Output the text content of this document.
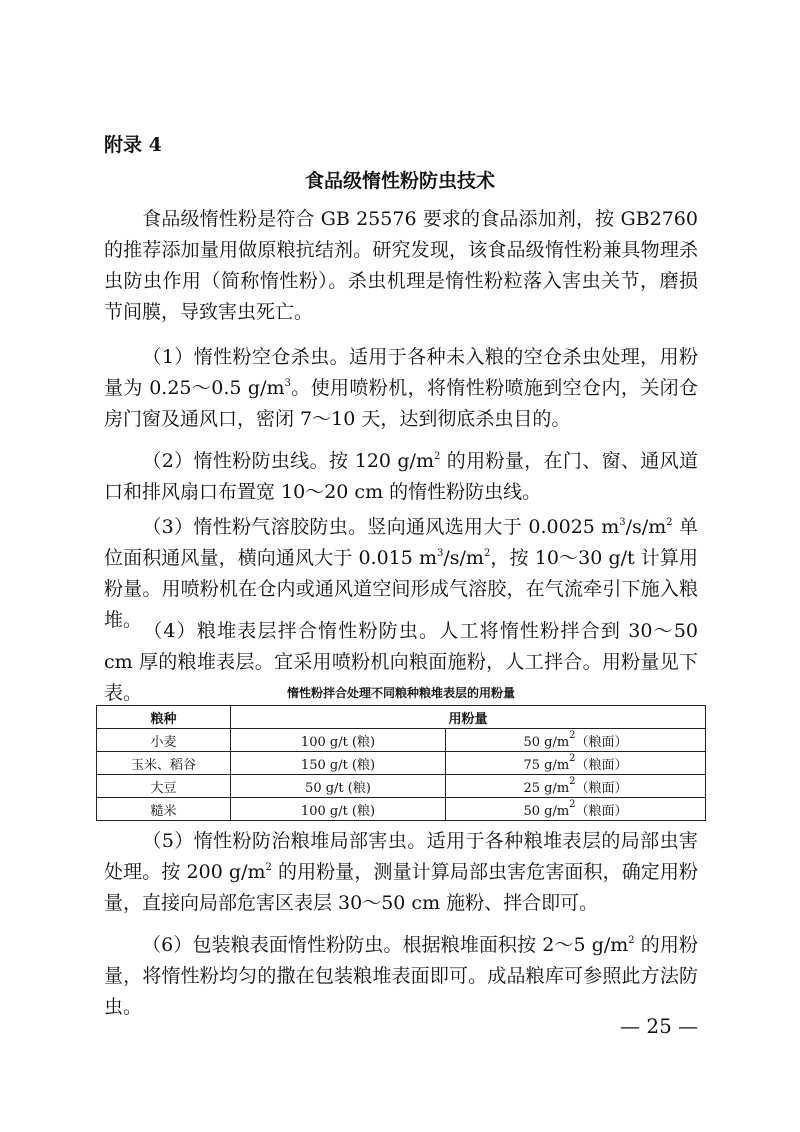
附录 4
食品级惰性粉防虫技术

食品级惰性粉是符合 GB 25576 要求的食品添加剂，按 GB2760 的推荐添加量用做原粮抗结剂。研究发现，该食品级惰性粉兼具物理杀虫防虫作用（简称惰性粉）。杀虫机理是惰性粉粒落入害虫关节，磨损节间膜，导致害虫死亡。

（1）惰性粉空仓杀虫。适用于各种未入粮的空仓杀虫处理，用粉量为 0.25～0.5 $g/m^3$。使用喷粉机，将惰性粉喷施到空仓内，关闭仓房门窗及通风口，密闭 7～10 天，达到彻底杀虫目的。

（2）惰性粉防虫线。按 120 $g/m^2$ 的用粉量，在门、窗、通风道口和排风扇口布置宽 10～20 cm 的惰性粉防虫线。

（3）惰性粉气溶胶防虫。竖向通风选用大于 0.0025 $m^3/s/m^2$ 单位面积通风量，横向通风大于 0.015 $m^3/s/m^2$，按 10～30 g/t 计算用粉量。用喷粉机在仓内或通风道空间形成气溶胶，在气流牵引下施入粮堆。 （4）粮堆表层拌合惰性粉防虫。人工将惰性粉拌合到 30～50 cm 厚的粮堆表层。宜采用喷粉机向粮面施粉，人工拌合。用粉量见下表。	惰性粉拌合处理不同粮种粮堆表层的用粉量
粮种	用粉量	
小麦	100 g/t (粮)	50 $g/m^2$（粮面）
玉米、稻谷	150 g/t (粮)	75 $g/m^2$（粮面）
大豆	50 g/t (粮)	25 $g/m^2$（粮面）
糙米	100 g/t (粮)	50 $g/m^2$（粮面）

（5）惰性粉防治粮堆局部害虫。适用于各种粮堆表层的局部虫害处理。按 200 $g/m^2$ 的用粉量，测量计算局部虫害危害面积，确定用粉量，直接向局部危害区表层 30～50 cm 施粉、拌合即可。

（6）包装粮表面惰性粉防虫。根据粮堆面积按 2～5 $g/m^2$ 的用粉量，将惰性粉均匀的撒在包装粮堆表面即可。成品粮库可参照此方法防虫。

— 25 —
